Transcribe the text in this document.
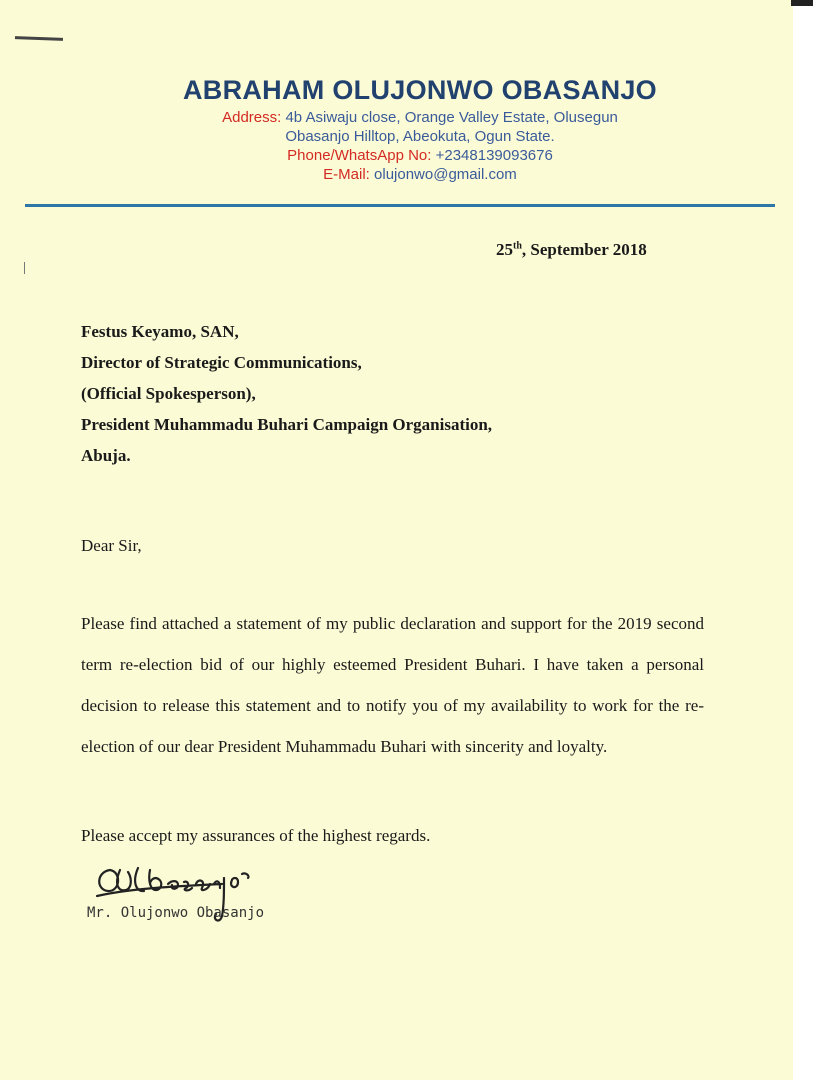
ABRAHAM OLUJONWO OBASANJO
Address: 4b Asiwaju close, Orange Valley Estate, Olusegun
Obasanjo Hilltop, Abeokuta, Ogun State.
Phone/WhatsApp No: +2348139093676
E-Mail: olujonwo@gmail.com
25th, September 2018
Festus Keyamo, SAN,
Director of Strategic Communications,
(Official Spokesperson),
President Muhammadu Buhari Campaign Organisation,
Abuja.
Dear Sir,

Please find attached a statement of my public declaration and support for the 2019 second term re-election bid of our highly esteemed President Buhari. I have taken a personal decision to release this statement and to notify you of my availability to work for the re-election of our dear President Muhammadu Buhari with sincerity and loyalty.

Please accept my assurances of the highest regards.
Mr. Olujonwo Obasanjo
